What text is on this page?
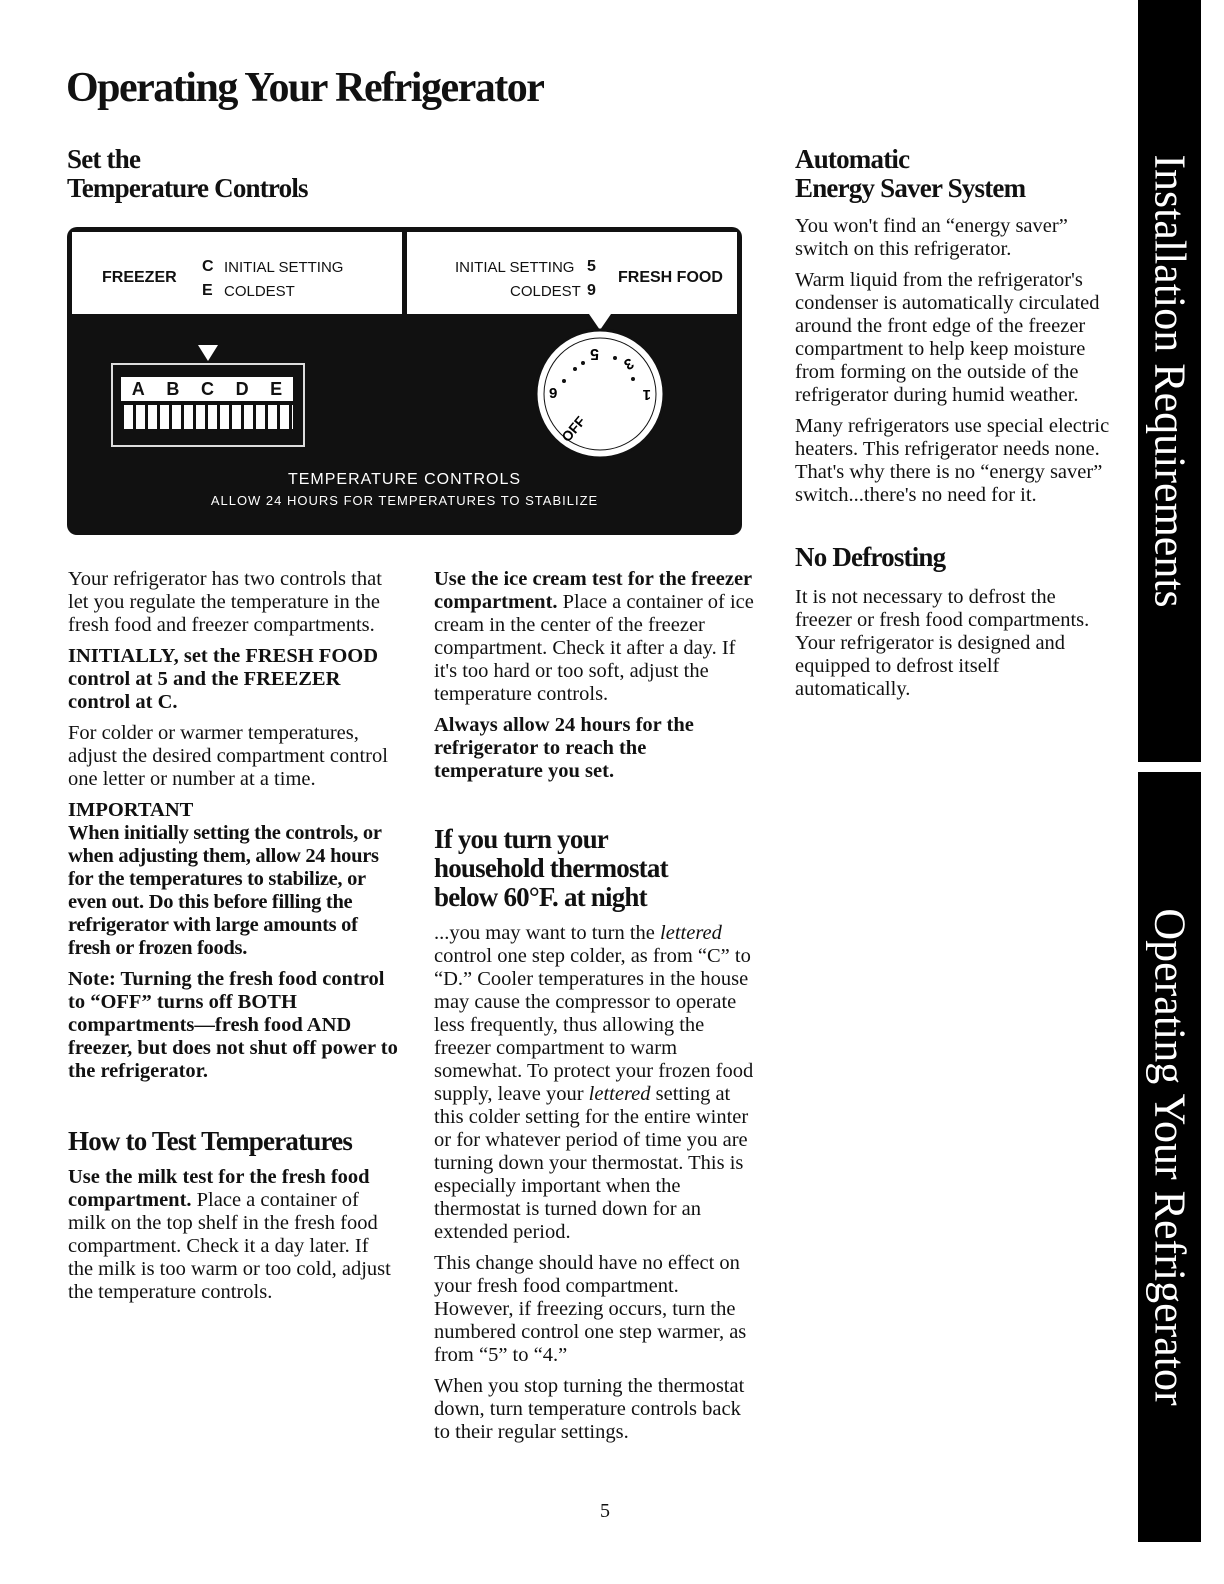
Operating Your Refrigerator
Set the
Temperature Controls
FREEZER
C INITIAL SETTING
E COLDEST
INITIAL SETTING 5
COLDEST 9
FRESH FOOD
A B C D E
5
3
9	1
OFF
TEMPERATURE CONTROLS
ALLOW 24 HOURS FOR TEMPERATURES TO STABILIZE

Your refrigerator has two controls that let you regulate the temperature in the fresh food and freezer compartments.

INITIALLY, set the FRESH FOOD control at 5 and the FREEZER control at C.

For colder or warmer temperatures, adjust the desired compartment control one letter or number at a time.

IMPORTANT

When initially setting the controls, or when adjusting them, allow 24 hours for the temperatures to stabilize, or even out. Do this before filling the refrigerator with large amounts of fresh or frozen foods.

Note: Turning the fresh food control to “OFF” turns off BOTH compartments—fresh food AND freezer, but does not shut off power to the refrigerator.

How to Test Temperatures

Use the milk test for the fresh food compartment. Place a container of milk on the top shelf in the fresh food compartment. Check it a day later. If the milk is too warm or too cold, adjust the temperature controls.

Use the ice cream test for the freezer compartment. Place a container of ice cream in the center of the freezer compartment. Check it after a day. If it's too hard or too soft, adjust the temperature controls.

Always allow 24 hours for the refrigerator to reach the temperature you set.

If you turn your
household thermostat
below 60°F. at night

...you may want to turn the lettered control one step colder, as from “C” to “D.” Cooler temperatures in the house may cause the compressor to operate less frequently, thus allowing the freezer compartment to warm somewhat. To protect your frozen food supply, leave your lettered setting at this colder setting for the entire winter or for whatever period of time you are turning down your thermostat. This is especially important when the thermostat is turned down for an extended period.

This change should have no effect on your fresh food compartment. However, if freezing occurs, turn the numbered control one step warmer, as from “5” to “4.”

When you stop turning the thermostat down, turn temperature controls back to their regular settings.

Automatic
Energy Saver System

You won't find an “energy saver” switch on this refrigerator.

Warm liquid from the refrigerator's condenser is automatically circulated around the front edge of the freezer compartment to help keep moisture from forming on the outside of the refrigerator during humid weather.

Many refrigerators use special electric heaters. This refrigerator needs none. That's why there is no “energy saver” switch...there's no need for it.

No Defrosting

It is not necessary to defrost the freezer or fresh food compartments. Your refrigerator is designed and equipped to defrost itself automatically.

Installation Requirements
Operating Your Refrigerator
5
